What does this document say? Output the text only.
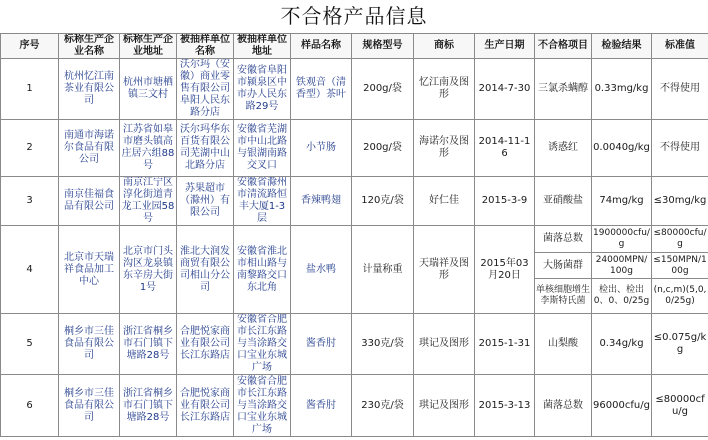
不合格产品信息
序号	标称生产企业名称	标称生产企业地址	被抽样单位名称	被抽样单位地址	样品名称	规格型号	商标	生产日期	不合格项目	检验结果	标准值
1	杭州忆江南茶业有限公司	杭州市塘栖镇三文村	沃尔玛（安徽）商业零售有限公司阜阳人民东路分店	安徽省阜阳市颍泉区中市办人民东路29号	铁观音（清香型）茶叶	200g/袋	忆江南及图形	2014-7-30	三氯杀螨醇	0.33mg/kg	不得使用
2	南通市海诺尔食品有限公司	江苏省如皋市磨头镇高庄居六组88号	沃尔玛华东百货有限公司芜湖中山北路分店	安徽省芜湖市中山北路与银湖南路交叉口	小节肠	200g/袋	海诺尔及图形	2014-11-16	诱惑红	0.0040g/kg	不得使用
3	南京佳福食品有限公司	南京江宁区淳化街道青龙工业园58号	苏果超市（滁州）有限公司	安徽省滁州市清流路恒丰大厦1-3层	香辣鸭翅	120克/袋	好仁佳	2015-3-9	亚硝酸盐	74mg/kg	≤30mg/kg
4	北京市天瑞祥食品加工中心	北京市门头沟区龙泉镇东辛房大街1号	淮北大润发商贸有限公司相山分公司	安徽省淮北市相山路与南黎路交口东北角	盐水鸭	计量称重	天瑞祥及图形	2015年03月20日	菌落总数	1900000cfu/g	≤80000cfu/g
									大肠菌群	24000MPN/100g	≤150MPN/100g
									单核细胞增生李斯特氏菌	检出、检出0、0、0/25g	(n,c,m)(5,0,0/25g)
5	桐乡市三佳食品有限公司	浙江省桐乡市石门镇下塘路28号	合肥悦家商业有限公司长江东路店	安徽省合肥市长江东路与当涂路交口宝业东城广场	酱香肘	330克/袋	琪记及图形	2015-1-31	山梨酸	0.34g/kg	≤0.075g/kg
6	桐乡市三佳食品有限公司	浙江省桐乡市石门镇下塘路28号	合肥悦家商业有限公司长江东路店	安徽省合肥市长江东路与当涂路交口宝业东城广场	酱香肘	230克/袋	琪记及图形	2015-3-13	菌落总数	96000cfu/g	≤80000cfu/g
